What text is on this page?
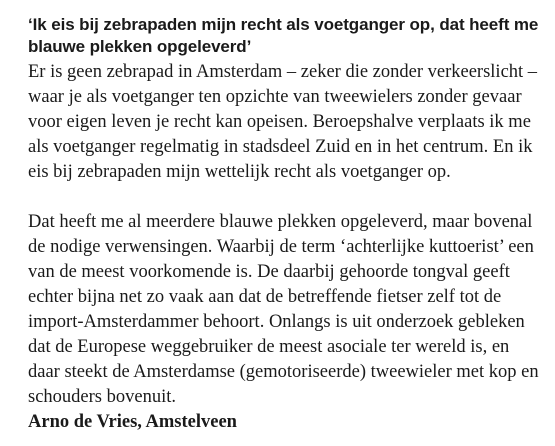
‘Ik eis bij zebrapaden mijn recht als voetganger op, dat heeft me blauwe plekken opgeleverd’

Er is geen zebrapad in Amsterdam – zeker die zonder verkeerslicht – waar je als voetganger ten opzichte van tweewielers zonder gevaar voor eigen leven je recht kan opeisen. Beroepshalve verplaats ik me als voetganger regelmatig in stadsdeel Zuid en in het centrum. En ik eis bij zebrapaden mijn wettelijk recht als voetganger op.

Dat heeft me al meerdere blauwe plekken opgeleverd, maar bovenal de nodige verwensingen. Waarbij de term ‘achterlijke kuttoerist’ een van de meest voorkomende is. De daarbij gehoorde tongval geeft echter bijna net zo vaak aan dat de betreffende fietser zelf tot de import-Amsterdammer behoort. Onlangs is uit onderzoek gebleken dat de Europese weggebruiker de meest asociale ter wereld is, en daar steekt de Amsterdamse (gemotoriseerde) tweewieler met kop en schouders bovenuit.

Arno de Vries, Amstelveen
